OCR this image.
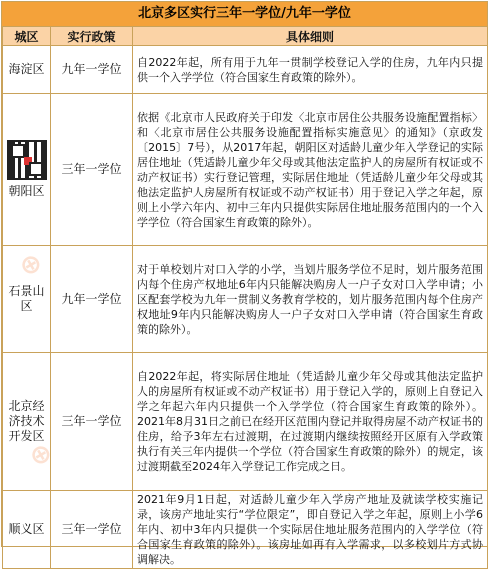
北京多区实行三年一学位/九年一学位
城区	实行政策	具体细则
海淀区	九年一学位	自2022年起，所有用于九年一贯制学校登记入学的住房，九年内只提供一个入学学位（符合国家生育政策的除外）。

朝阳区	三年一学位	依据《北京市人民政府关于印发〈北京市居住公共服务设施配置指标〉和〈北京市居住公共服务设施配置指标实施意见〉的通知》（京政发〔2015〕7号），从2017年起，朝阳区对适龄儿童少年入学登记的实际居住地址（凭适龄儿童少年父母或其他法定监护人的房屋所有权证或不动产权证书）实行登记管理，实际居住地址（凭适龄儿童少年父母或其他法定监护人房屋所有权证或不动产权证书）用于登记入学之年起，原则上小学六年内、初中三年内只提供实际居住地址服务范围内的一个入学学位（符合国家生育政策的除外）。
石景山区	九年一学位	对于单校划片对口入学的小学，当划片服务学位不足时，划片服务范围内每个住房产权地址6年内只能解决购房人一户子女对口入学申请；小区配套学校为九年一贯制义务教育学校的，划片服务范围内每个住房产权地址9年内只能解决购房人一户子女对口入学申请（符合国家生育政策的除外）。
北京经济技术开发区	三年一学位	自2022年起，将实际居住地址（凭适龄儿童少年父母或其他法定监护人的房屋所有权证或不动产权证书）用于登记入学的，原则上自登记入学之年起六年内只提供一个入学学位（符合国家生育政策的除外）。2021年8月31日之前已在经开区范围内登记并取得房屋不动产权证书的住房，给予3年左右过渡期，在过渡期内继续按照经开区原有入学政策执行有关三年内提供一个学位（符合国家生育政策的除外）的规定，该过渡期截至2024年入学登记工作完成之日。
顺义区	三年一学位	2021年9月1日起，对适龄儿童少年入学房产地址及就读学校实施记录，该房产地址实行“学位限定”，即自登记入学之年起，原则上小学6年内、初中3年内只提供一个实际居住地址服务范围内的入学学位（符合国家生育政策的除外）。该房址如再有入学需求，以多校划片方式协调解决。
⊕
⊕
